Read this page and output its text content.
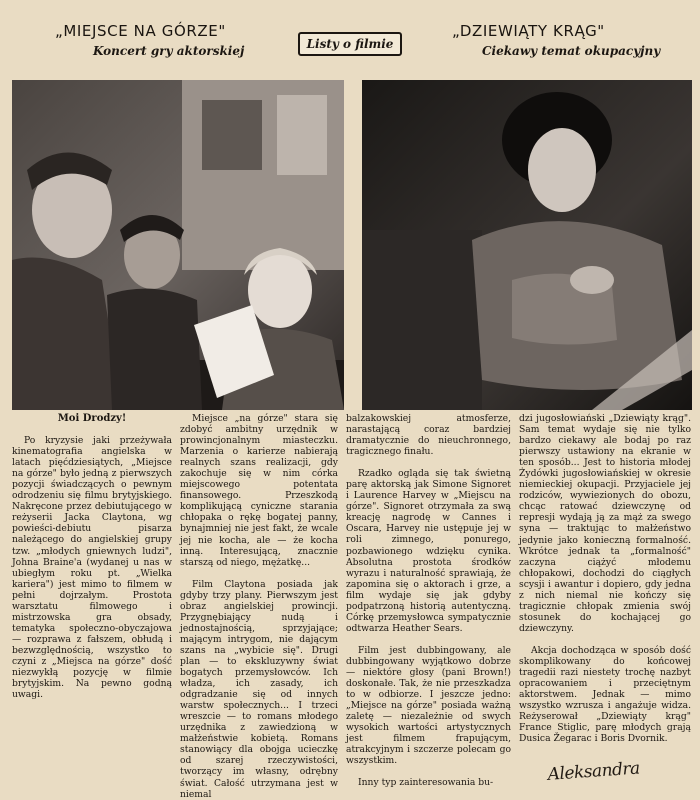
„MIEJSCE NA GÓRZE"
Koncert gry aktorskiej	Listy o filmie
„DZIEWIĄTY KRĄG"
Ciekawy temat okupacyjny

Moi Drodzy!

Po kryzysie jaki przeżywała kinematografia angielska w latach pięćdziesiątych, „Miejsce na górze" było jedną z pierwszych pozycji świadczących o pewnym odrodzeniu się filmu brytyjskiego. Nakręcone przez debiutującego w reżyserii Jacka Claytona, wg powieści-debiutu pisarza należącego do angielskiej grupy tzw. „młodych gniewnych ludzi", Johna Braine'a (wydanej u nas w ubiegłym roku pt. „Wielka kariera") jest mimo to filmem w pełni dojrzałym. Prostota warsztatu filmowego i mistrzowska gra obsady, tematyka społeczno-obyczajowa — rozprawa z fałszem, obłudą i bezwzględnością, wszystko to czyni z „Miejsca na górze" dość niezwykłą pozycję w filmie brytyjskim. Na pewno godną uwagi.

Miejsce „na górze" stara się zdobyć ambitny urzędnik w prowincjonalnym miasteczku. Marzenia o karierze nabierają realnych szans realizacji, gdy zakochuje się w nim córka miejscowego potentata finansowego. Przeszkodą komplikującą cyniczne starania chłopaka o rękę bogatej panny, bynajmniej nie jest fakt, że wcale jej nie kocha, ale — że kocha inną. Interesującą, znacznie starszą od niego, mężatkę...

Film Claytona posiada jak gdyby trzy plany. Pierwszym jest obraz angielskiej prowincji. Przygnębiający nudą i jednostajnością, sprzyjające; mającym intrygom, nie dającym szans na „wybicie się". Drugi plan — to ekskluzywny świat bogatych przemysłowców. Ich władza, ich zasady, ich odgradzanie się od innych warstw społecznych... I trzeci wreszcie — to romans młodego urzędnika z zawiedzioną w małżeństwie kobietą. Romans stanowiący dla obojga ucieczkę od szarej rzeczywistości, tworzący im własny, odrębny świat. Całość utrzymana jest w niemal

balzakowskiej atmosferze, narastającą coraz bardziej dramatycznie do nieuchronnego, tragicznego finału.

Rzadko ogląda się tak świetną parę aktorską jak Simone Signoret i Laurence Harvey w „Miejscu na górze". Signoret otrzymała za swą kreację nagrodę w Cannes i Oscara, Harvey nie ustępuje jej w roli zimnego, ponurego, pozbawionego wdzięku cynika. Absolutna prostota środków wyrazu i naturalność sprawiają, że zapomina się o aktorach i grze, a film wydaje się jak gdyby podpatrzoną historią autentyczną. Córkę przemysłowca sympatycznie odtwarza Heather Sears.

Film jest dubbingowany, ale dubbingowany wyjątkowo dobrze — niektóre głosy (pani Brown!) doskonałe. Tak, że nie przeszkadza to w odbiorze. I jeszcze jedno: „Miejsce na górze" posiada ważną zaletę — niezależnie od swych wysokich wartości artystycznych jest filmem frapującym, atrakcyjnym i szczerze polecam go wszystkim.

Inny typ zainteresowania bu-

dzi jugosłowiański „Dziewiąty krąg". Sam temat wydaje się nie tylko bardzo ciekawy ale bodaj po raz pierwszy ustawiony na ekranie w ten sposób... Jest to historia młodej Żydówki jugosłowiańskiej w okresie niemieckiej okupacji. Przyjaciele jej rodziców, wywiezionych do obozu, chcąc ratować dziewczynę od represji wydają ją za mąż za swego syna — traktując to małżeństwo jedynie jako konieczną formalność. Wkrótce jednak ta „formalność" zaczyna ciążyć młodemu chłopakowi, dochodzi do ciągłych scysji i awantur i dopiero, gdy jedna z nich niemal nie kończy się tragicznie chłopak zmienia swój stosunek do kochającej go dziewczyny.

Akcja dochodząca w sposób dość skomplikowany do końcowej tragedii razi niestety trochę nazbyt opracowaniem i przeciętnym aktorstwem. Jednak — mimo wszystko wzrusza i angażuje widza. Reżyserował „Dziewiąty krąg" France Stiglic, parę młodych grają Dusica Žegarac i Boris Dvornik.

Aleksandra
